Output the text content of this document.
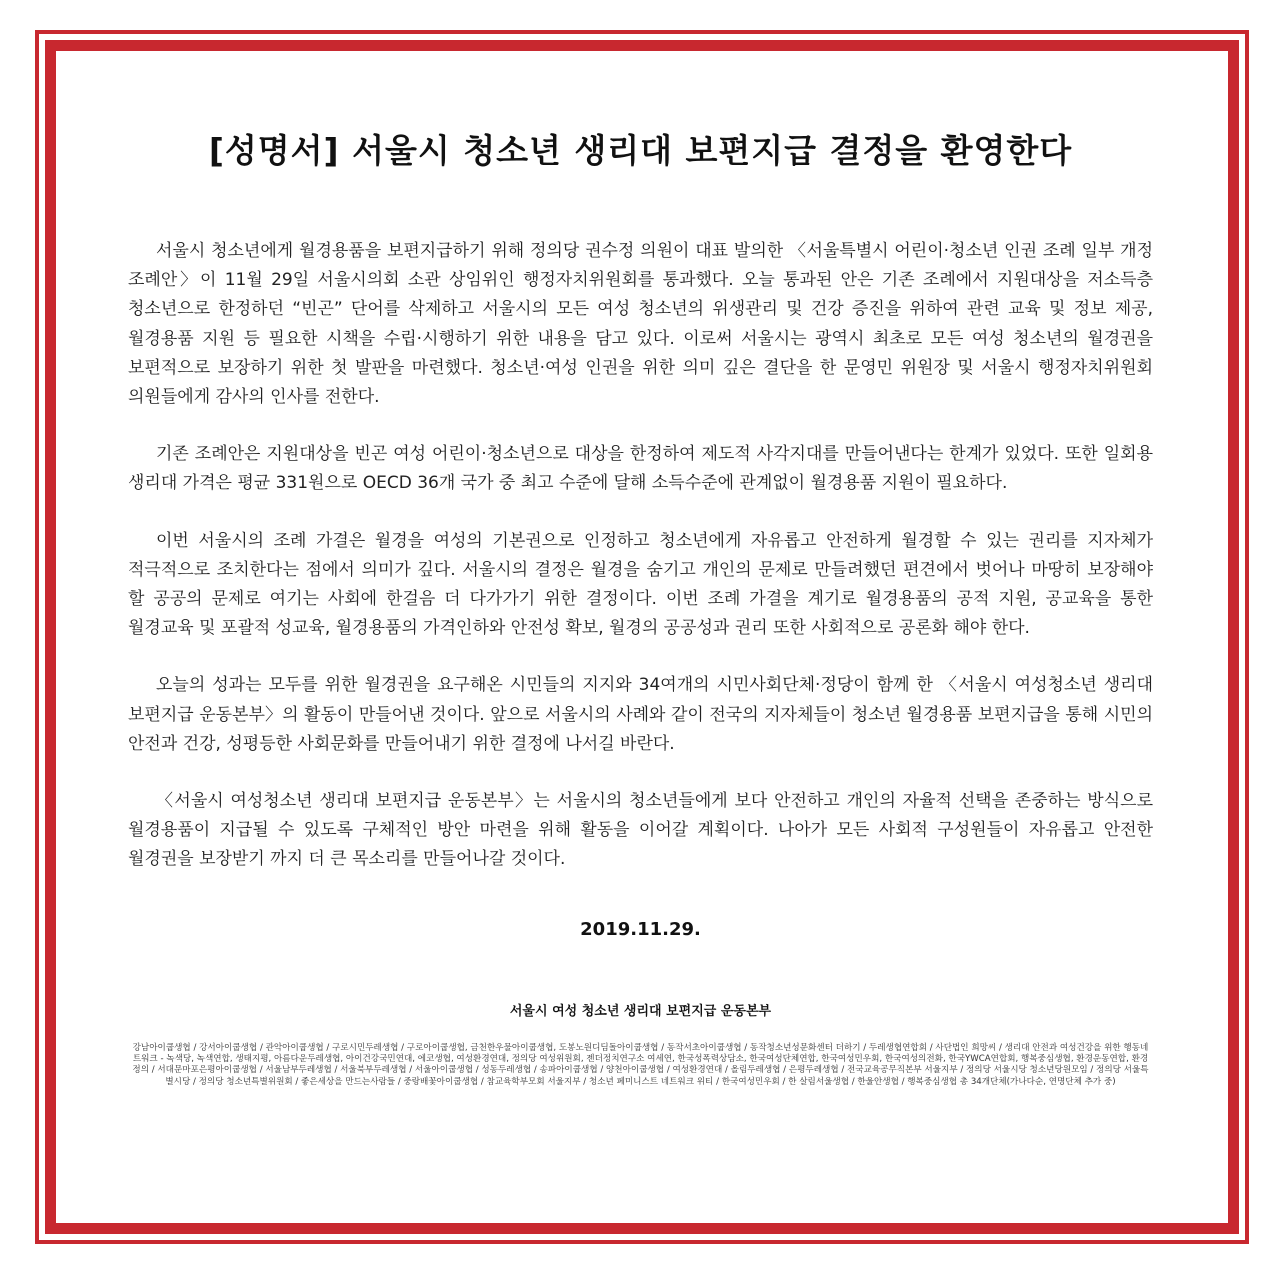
[성명서] 서울시 청소년 생리대 보편지급 결정을 환영한다

서울시 청소년에게 월경용품을 보편지급하기 위해 정의당 권수정 의원이 대표 발의한 〈서울특별시 어린이·청소년 인권 조례 일부 개정 조례안〉이 11월 29일 서울시의회 소관 상임위인 행정자치위원회를 통과했다. 오늘 통과된 안은 기존 조례에서 지원대상을 저소득층 청소년으로 한정하던 “빈곤” 단어를 삭제하고 서울시의 모든 여성 청소년의 위생관리 및 건강 증진을 위하여 관련 교육 및 정보 제공, 월경용품 지원 등 필요한 시책을 수립·시행하기 위한 내용을 담고 있다. 이로써 서울시는 광역시 최초로 모든 여성 청소년의 월경권을 보편적으로 보장하기 위한 첫 발판을 마련했다. 청소년·여성 인권을 위한 의미 깊은 결단을 한 문영민 위원장 및 서울시 행정자치위원회 의원들에게 감사의 인사를 전한다.

기존 조례안은 지원대상을 빈곤 여성 어린이·청소년으로 대상을 한정하여 제도적 사각지대를 만들어낸다는 한계가 있었다. 또한 일회용 생리대 가격은 평균 331원으로 OECD 36개 국가 중 최고 수준에 달해 소득수준에 관계없이 월경용품 지원이 필요하다.

이번 서울시의 조례 가결은 월경을 여성의 기본권으로 인정하고 청소년에게 자유롭고 안전하게 월경할 수 있는 권리를 지자체가 적극적으로 조치한다는 점에서 의미가 깊다. 서울시의 결정은 월경을 숨기고 개인의 문제로 만들려했던 편견에서 벗어나 마땅히 보장해야 할 공공의 문제로 여기는 사회에 한걸음 더 다가가기 위한 결정이다. 이번 조례 가결을 계기로 월경용품의 공적 지원, 공교육을 통한 월경교육 및 포괄적 성교육, 월경용품의 가격인하와 안전성 확보, 월경의 공공성과 권리 또한 사회적으로 공론화 해야 한다.

오늘의 성과는 모두를 위한 월경권을 요구해온 시민들의 지지와 34여개의 시민사회단체·정당이 함께 한 〈서울시 여성청소년 생리대 보편지급 운동본부〉의 활동이 만들어낸 것이다. 앞으로 서울시의 사례와 같이 전국의 지자체들이 청소년 월경용품 보편지급을 통해 시민의 안전과 건강, 성평등한 사회문화를 만들어내기 위한 결정에 나서길 바란다.

〈서울시 여성청소년 생리대 보편지급 운동본부〉는 서울시의 청소년들에게 보다 안전하고 개인의 자율적 선택을 존중하는 방식으로 월경용품이 지급될 수 있도록 구체적인 방안 마련을 위해 활동을 이어갈 계획이다. 나아가 모든 사회적 구성원들이 자유롭고 안전한 월경권을 보장받기 까지 더 큰 목소리를 만들어나갈 것이다.

2019.11.29.
서울시 여성 청소년 생리대 보편지급 운동본부
강남아이쿱생협 / 강서아이쿱생협 / 관악아이쿱생협 / 구로시민두레생협 / 구로아이쿱생협, 금천한우물아이쿱생협, 도봉노원디딤돌아이쿱생협 / 동작서초아이쿱생협 / 동작청소년성문화센터 더하기 / 두레생협연합회 / 사단법인 희망씨 / 생리대 안전과 여성건강을 위한 행동네트워크 - 녹색당, 녹색연합, 생태지평, 아름다운두레생협, 아이건강국민연대, 에코생협, 여성환경연대, 정의당 여성위원회, 젠더정치연구소 여세연, 한국성폭력상담소, 한국여성단체연합, 한국여성민우회, 한국여성의전화, 한국YWCA연합회, 행복중심생협, 환경운동연합, 환경정의 / 서대문마포은평아이쿱생협 / 서울남부두레생협 / 서울북부두레생협 / 서울아이쿱생협 / 성동두레생협 / 송파아이쿱생협 / 양천아이쿱생협 / 여성환경연대 / 올림두레생협 / 은평두레생협 / 전국교육공무직본부 서울지부 / 정의당 서울시당 청소년당원모임 / 정의당 서울특별시당 / 정의당 청소년특별위원회 / 좋은세상을 만드는사람들 / 중랑배꽃아이쿱생협 / 참교육학부모회 서울지부 / 청소년 페미니스트 네트워크 위티 / 한국여성민우회 / 한 살림서울생협 / 한울안생협 / 행복중심생협 총 34개단체(가나다순, 연명단체 추가 중)
